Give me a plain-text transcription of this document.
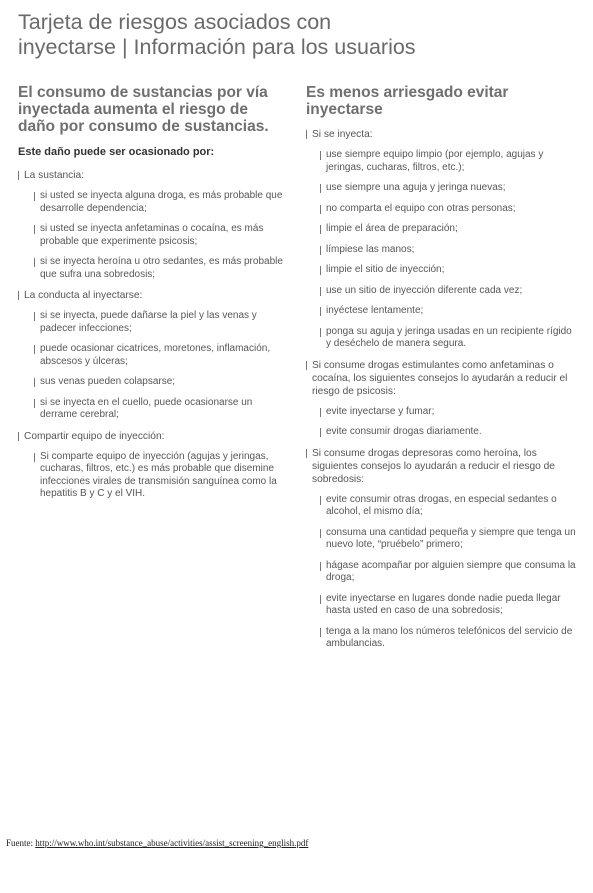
Tarjeta de riesgos asociados con
inyectarse | Información para los usuarios
El consumo de sustancias por vía inyectada aumenta el riesgo de daño por consumo de sustancias.
Este daño puede ser ocasionado por:
La sustancia:
si usted se inyecta alguna droga, es más probable que desarrolle dependencia;
si usted se inyecta anfetaminas o cocaína, es más probable que experimente psicosis;
si se inyecta heroína u otro sedantes, es más probable que sufra una sobredosis;
La conducta al inyectarse:
si se inyecta, puede dañarse la piel y las venas y padecer infecciones;
puede ocasionar cicatrices, moretones, inflamación, abscesos y úlceras;
sus venas pueden colapsarse;
si se inyecta en el cuello, puede ocasionarse un derrame cerebral;
Compartir equipo de inyección:
Si comparte equipo de inyección (agujas y jeringas, cucharas, filtros, etc.) es más probable que disemine infecciones virales de transmisión sanguínea como la hepatitis B y C y el VIH.
Es menos arriesgado evitar inyectarse
Si se inyecta:
use siempre equipo limpio (por ejemplo, agujas y jeringas, cucharas, filtros, etc.);
use siempre una aguja y jeringa nuevas;
no comparta el equipo con otras personas;
limpie el área de preparación;
límpiese las manos;
limpie el sitio de inyección;
use un sitio de inyección diferente cada vez;
inyéctese lentamente;
ponga su aguja y jeringa usadas en un recipiente rígido y deséchelo de manera segura.
Si consume drogas estimulantes como anfetaminas o cocaína, los siguientes consejos lo ayudarán a reducir el riesgo de psicosis:
evite inyectarse y fumar;
evite consumir drogas diariamente.
Si consume drogas depresoras como heroína, los siguientes consejos lo ayudarán a reducir el riesgo de sobredosis:
evite consumir otras drogas, en especial sedantes o alcohol, el mismo día;
consuma una cantidad pequeña y siempre que tenga un nuevo lote, “pruébelo” primero;
hágase acompañar por alguien siempre que consuma la droga;
evite inyectarse en lugares donde nadie pueda llegar hasta usted en caso de una sobredosis;
tenga a la mano los números telefónicos del servicio de ambulancias.
Fuente: http://www.who.int/substance_abuse/activities/assist_screening_english.pdf
